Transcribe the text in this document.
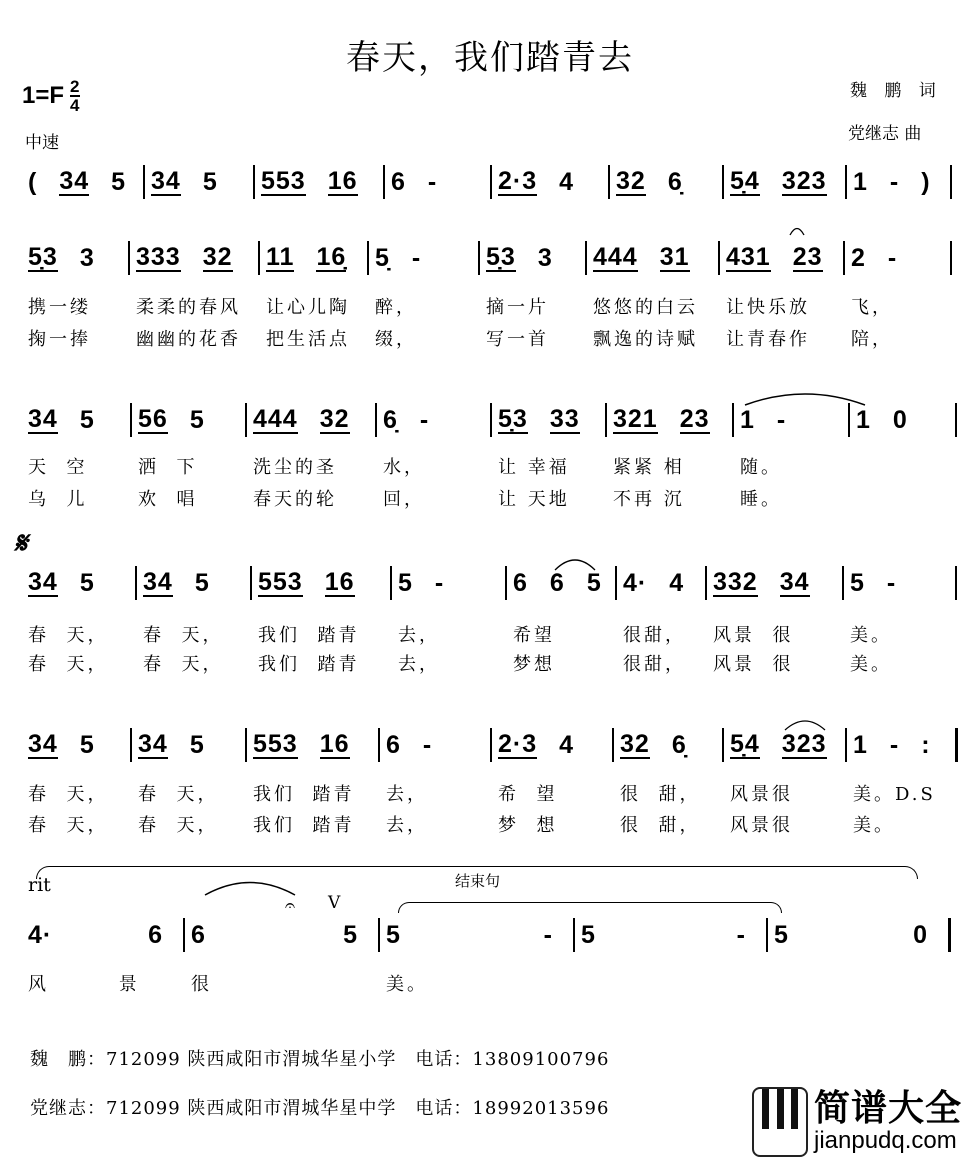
春天，我们踏青去
$1=F \frac{2}{4}$
中速
魏 鹏 词
党继志 曲
( 34 5 34 5 553 16 6 - 2·3 4 32 6̣ 5̣4 323 1 - )
5̣3 3
携一缕
掬一捧
333 32
柔柔的春风
幽幽的花香
11 16̣
让心儿陶
把生活点
5̣ -
醉，
缀，
5̣3 3
摘一片
写一首
444 31
悠悠的白云
飘逸的诗赋
431 23
让快乐放
让青春作
2 -
飞，
陪，
34 5
天  空
乌  儿
56 5
洒  下
欢  唱
444 32
洗尘的圣
春天的轮
6̣ -
水，
回，
5̣3 33
让 幸福
让 天地
321 23
紧紧 相
不再 沉
1 -
随。
睡。
1 0
34 5
春  天，
春  天，
34 5
春  天，
春  天，
553 16
我们  踏青
我们  踏青
5 -
去，
去，
6 6 5
希望
梦想
4· 4
很甜，
很甜，
332 34
风景  很
风景  很
5 -
美。
美。
34 5
春  天，
春  天，
34 5
春  天，
春  天，
553 16
我们  踏青
我们  踏青
6 -
去，
去，
2·3 4
希  望
梦  想
32 6̣
很  甜，
很  甜，
5̣4 323
风景很
风景很
1 - :
美。D.S
美。
4·	6
风        景
6	5
很
5	-
美。
5	- 5	0
𝄋
rit	结束句
𝄐 V
魏　鹏：712099 陕西咸阳市渭城华星小学　电话：13809100796
党继志：712099 陕西咸阳市渭城华星中学　电话：18992013596	简谱大全
jianpudq.com
